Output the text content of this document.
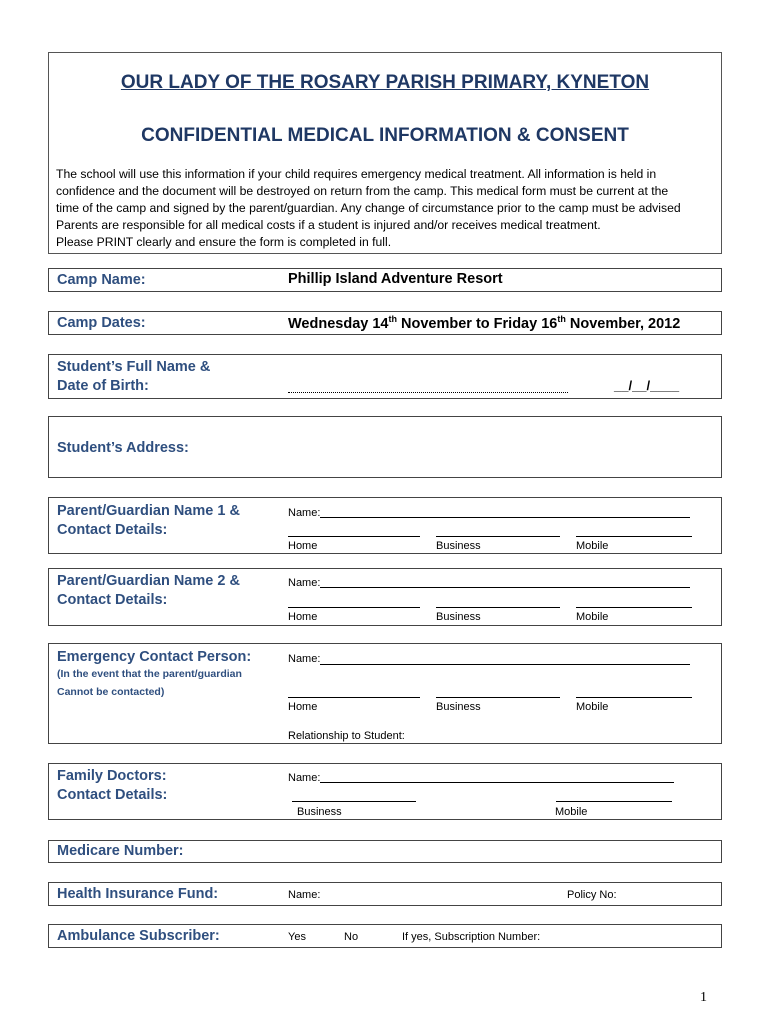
OUR LADY OF THE ROSARY PARISH PRIMARY, KYNETON
CONFIDENTIAL MEDICAL INFORMATION & CONSENT
The school will use this information if your child requires emergency medical treatment. All information is held in
confidence and the document will be destroyed on return from the camp. This medical form must be current at the
time of the camp and signed by the parent/guardian. Any change of circumstance prior to the camp must be advised
Parents are responsible for all medical costs if a student is injured and/or receives medical treatment.
Please PRINT clearly and ensure the form is completed in full.
Camp Name:	Phillip Island Adventure Resort
Camp Dates:	Wednesday 14th November to Friday 16th November, 2012
Student’s Full Name &
Date of Birth:	__/__/____
Student’s Address:
Parent/Guardian Name 1 &
Contact Details:
Name:
Home	Business	Mobile
Parent/Guardian Name 2 &
Contact Details:
Name:
Home	Business	Mobile
Emergency Contact Person:
(In the event that the parent/guardian
Cannot be contacted)
Name:
Home	Business	Mobile
Relationship to Student:
Family Doctors:
Contact Details:
Name:
Business	Mobile
Medicare Number:
Health Insurance Fund:	Name:	Policy No:
Ambulance Subscriber:	Yes	No	If yes, Subscription Number:
1
